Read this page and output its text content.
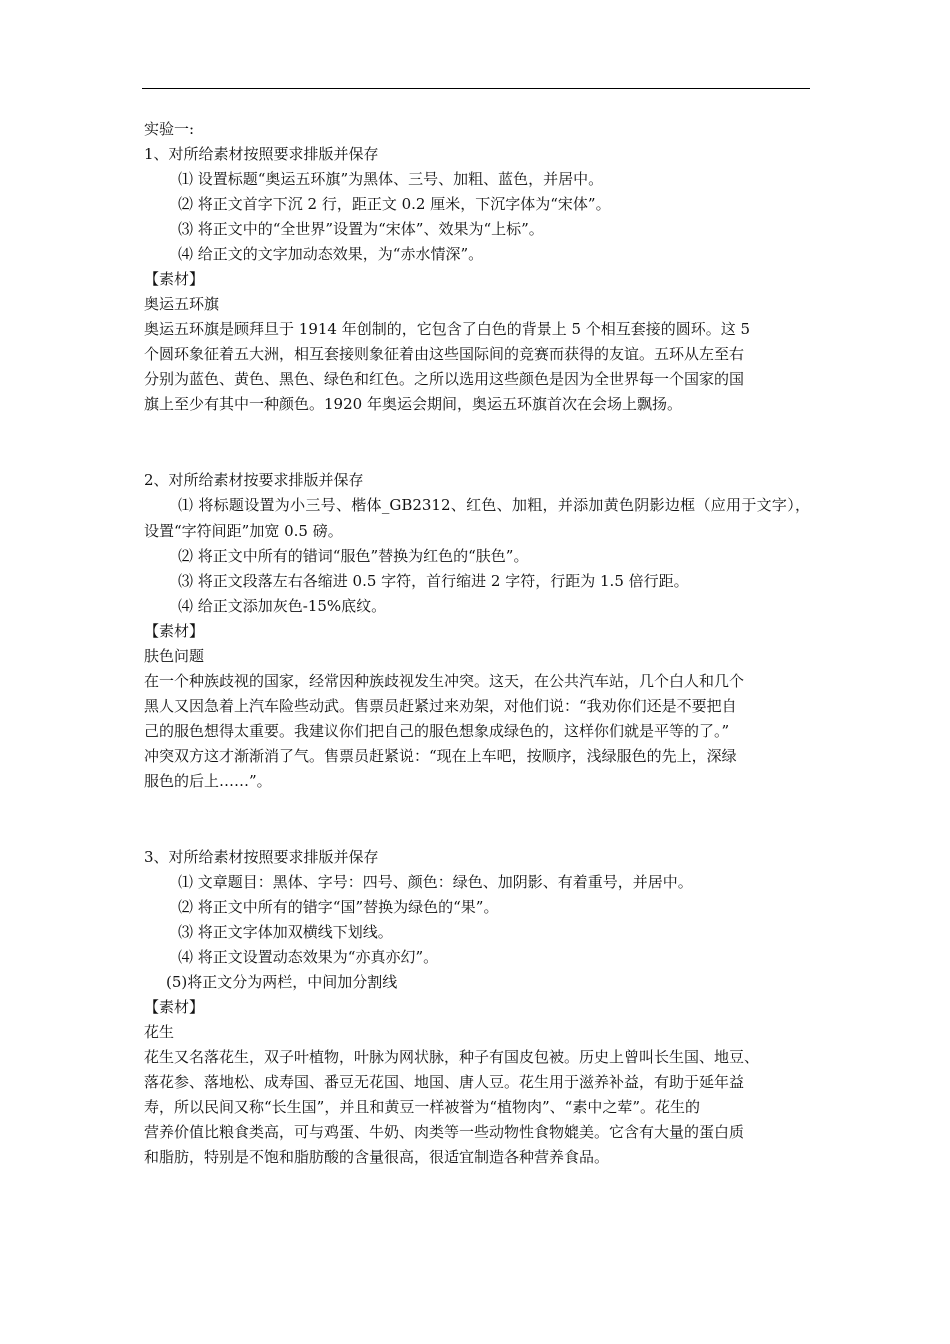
实验一:
1、对所给素材按照要求排版并保存
⑴ 设置标题“奥运五环旗”为黑体、三号、加粗、蓝色，并居中。
⑵ 将正文首字下沉 2 行，距正文 0.2 厘米，下沉字体为“宋体”。
⑶ 将正文中的“全世界”设置为“宋体”、效果为“上标”。
⑷ 给正文的文字加动态效果，为“赤水情深”。
【素材】
奥运五环旗
奥运五环旗是顾拜旦于 1914 年创制的，它包含了白色的背景上 5 个相互套接的圆环。这 5
个圆环象征着五大洲，相互套接则象征着由这些国际间的竞赛而获得的友谊。五环从左至右
分别为蓝色、黄色、黑色、绿色和红色。之所以选用这些颜色是因为全世界每一个国家的国
旗上至少有其中一种颜色。1920 年奥运会期间，奥运五环旗首次在会场上飘扬。
2、对所给素材按要求排版并保存
⑴ 将标题设置为小三号、楷体_GB2312、红色、加粗，并添加黄色阴影边框（应用于文字），设置“字符间距”加宽 0.5 磅。
⑵ 将正文中所有的错词“服色”替换为红色的“肤色”。
⑶ 将正文段落左右各缩进 0.5 字符，首行缩进 2 字符，行距为 1.5 倍行距。
⑷ 给正文添加灰色-15%底纹。
【素材】
肤色问题
在一个种族歧视的国家，经常因种族歧视发生冲突。这天，在公共汽车站，几个白人和几个
黑人又因急着上汽车险些动武。售票员赶紧过来劝架，对他们说：“我劝你们还是不要把自
己的服色想得太重要。我建议你们把自己的服色想象成绿色的，这样你们就是平等的了。”
冲突双方这才渐渐消了气。售票员赶紧说：“现在上车吧，按顺序，浅绿服色的先上，深绿
服色的后上……”。
3、对所给素材按照要求排版并保存
⑴ 文章题目：黑体、字号：四号、颜色：绿色、加阴影、有着重号，并居中。
⑵ 将正文中所有的错字“国”替换为绿色的“果”。
⑶ 将正文字体加双横线下划线。
⑷ 将正文设置动态效果为“亦真亦幻”。
(5)将正文分为两栏，中间加分割线
【素材】
花生
花生又名落花生，双子叶植物，叶脉为网状脉，种子有国皮包被。历史上曾叫长生国、地豆、
落花参、落地松、成寿国、番豆无花国、地国、唐人豆。花生用于滋养补益，有助于延年益
寿，所以民间又称“长生国”，并且和黄豆一样被誉为“植物肉”、“素中之荤”。花生的
营养价值比粮食类高，可与鸡蛋、牛奶、肉类等一些动物性食物媲美。它含有大量的蛋白质
和脂肪，特别是不饱和脂肪酸的含量很高，很适宜制造各种营养食品。
